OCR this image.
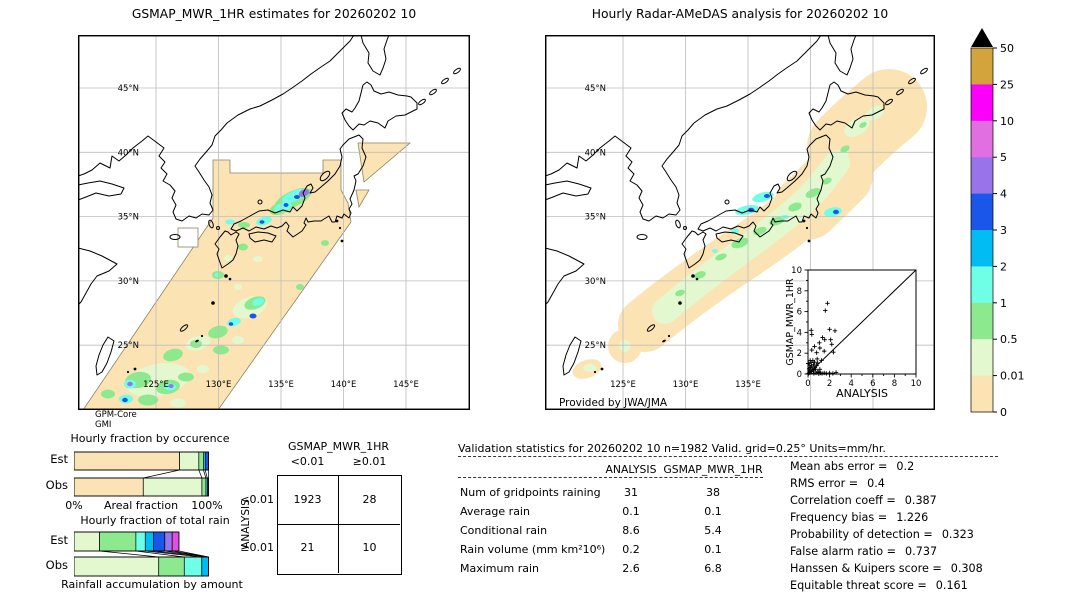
GSMAP_MWR_1HR estimates for 20260202 10	Hourly Radar-AMeDAS analysis for 20260202 10
45°N
40°N
35°N
30°N
25°N
125°E	130°E	135°E	140°E	145°E
45°N
40°N
35°N
30°N
25°N
125°E	130°E	135°E
Provided by JWA/JMA
0
0
2
2
4
4
6
6
8
8
10
10
ANALYSIS
GSMAP_MWR_1HR
50
25
10
5
4
3
2
1
0.5
0.01
0
GPM-Core
GMI
Hourly fraction by occurence
Est
Obs
0%	Areal fraction	100%
Hourly fraction of total rain
Est
Obs
Rainfall accumulation by amount
GSMAP_MWR_1HR
<0.01	≥0.01
1923	28
21	10
<0.01
≥0.01
ANALYSIS
Validation statistics for 20260202 10 n=1982 Valid. grid=0.25° Units=mm/hr.
ANALYSIS GSMAP_MWR_1HR
Num of gridpoints raining	31	38
Average rain	0.1	0.1
Conditional rain	8.6	5.4
Rain volume (mm km²10⁶)	0.2	0.1
Maximum rain	2.6	6.8
Mean abs error = 0.2
RMS error = 0.4
Correlation coeff = 0.387
Frequency bias = 1.226
Probability of detection = 0.323
False alarm ratio = 0.737
Hanssen & Kuipers score = 0.308
Equitable threat score = 0.161
